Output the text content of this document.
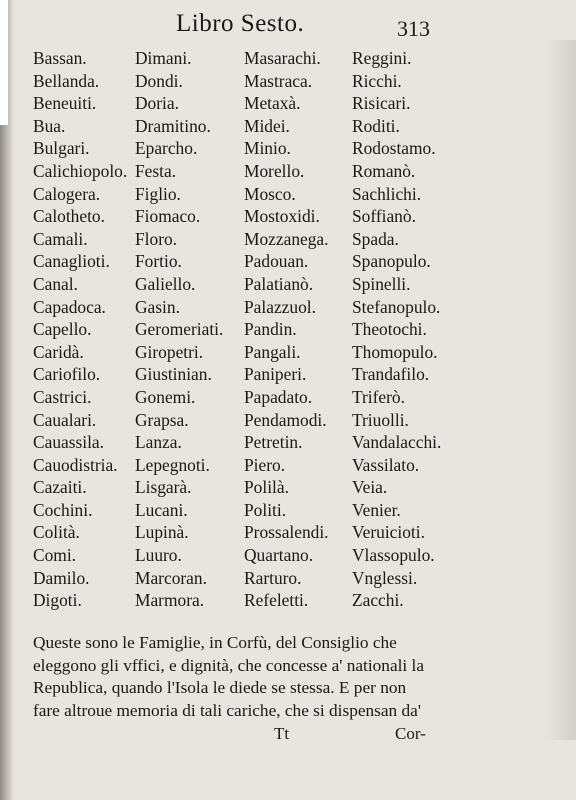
Libro Sesto.	313
Bassan.	Dimani.	Masarachi.	Reggini.
Bellanda.	Dondi.	Mastraca.	Ricchi.
Beneuiti.	Doria.	Metaxà.	Risicari.
Bua.	Dramitino.	Midei.	Roditi.
Bulgari.	Eparcho.	Minio.	Rodostamo.
Calichiopolo. Festa.	Morello.	Romanò.
Calogera.	Figlio.	Mosco.	Sachlichi.
Calotheto.	Fiomaco.	Mostoxidi.	Soffianò.
Camali.	Floro.	Mozzanega.	Spada.
Canaglioti.	Fortio.	Padouan.	Spanopulo.
Canal.	Galiello.	Palatianò.	Spinelli.
Capadoca.	Gasin.	Palazzuol.	Stefanopulo.
Capello.	Geromeriati.	Pandin.	Theotochi.
Caridà.	Giropetri.	Pangali.	Thomopulo.
Cariofilo.	Giustinian.	Paniperi.	Trandafilo.
Castrici.	Gonemi.	Papadato.	Triferò.
Caualari.	Grapsa.	Pendamodi.	Triuolli.
Cauassila.	Lanza.	Petretin.	Vandalacchi.
Cauodistria.	Lepegnoti.	Piero.	Vassilato.
Cazaiti.	Lisgarà.	Polilà.	Veia.
Cochini.	Lucani.	Politi.	Venier.
Colità.	Lupinà.	Prossalendi.	Veruicioti.
Comi.	Luuro.	Quartano.	Vlassopulo.
Damilo.	Marcoran.	Rarturo.	Vnglessi.
Digoti.	Marmora.	Refeletti.	Zacchi.
Queste sono le Famiglie, in Corfù, del Consiglio che
eleggono gli vffici, e dignità, che concesse a' nationali la
Republica, quando l'Isola le diede se stessa. E per non
fare altroue memoria di tali cariche, che si dispensan da'
Tt	Cor-
